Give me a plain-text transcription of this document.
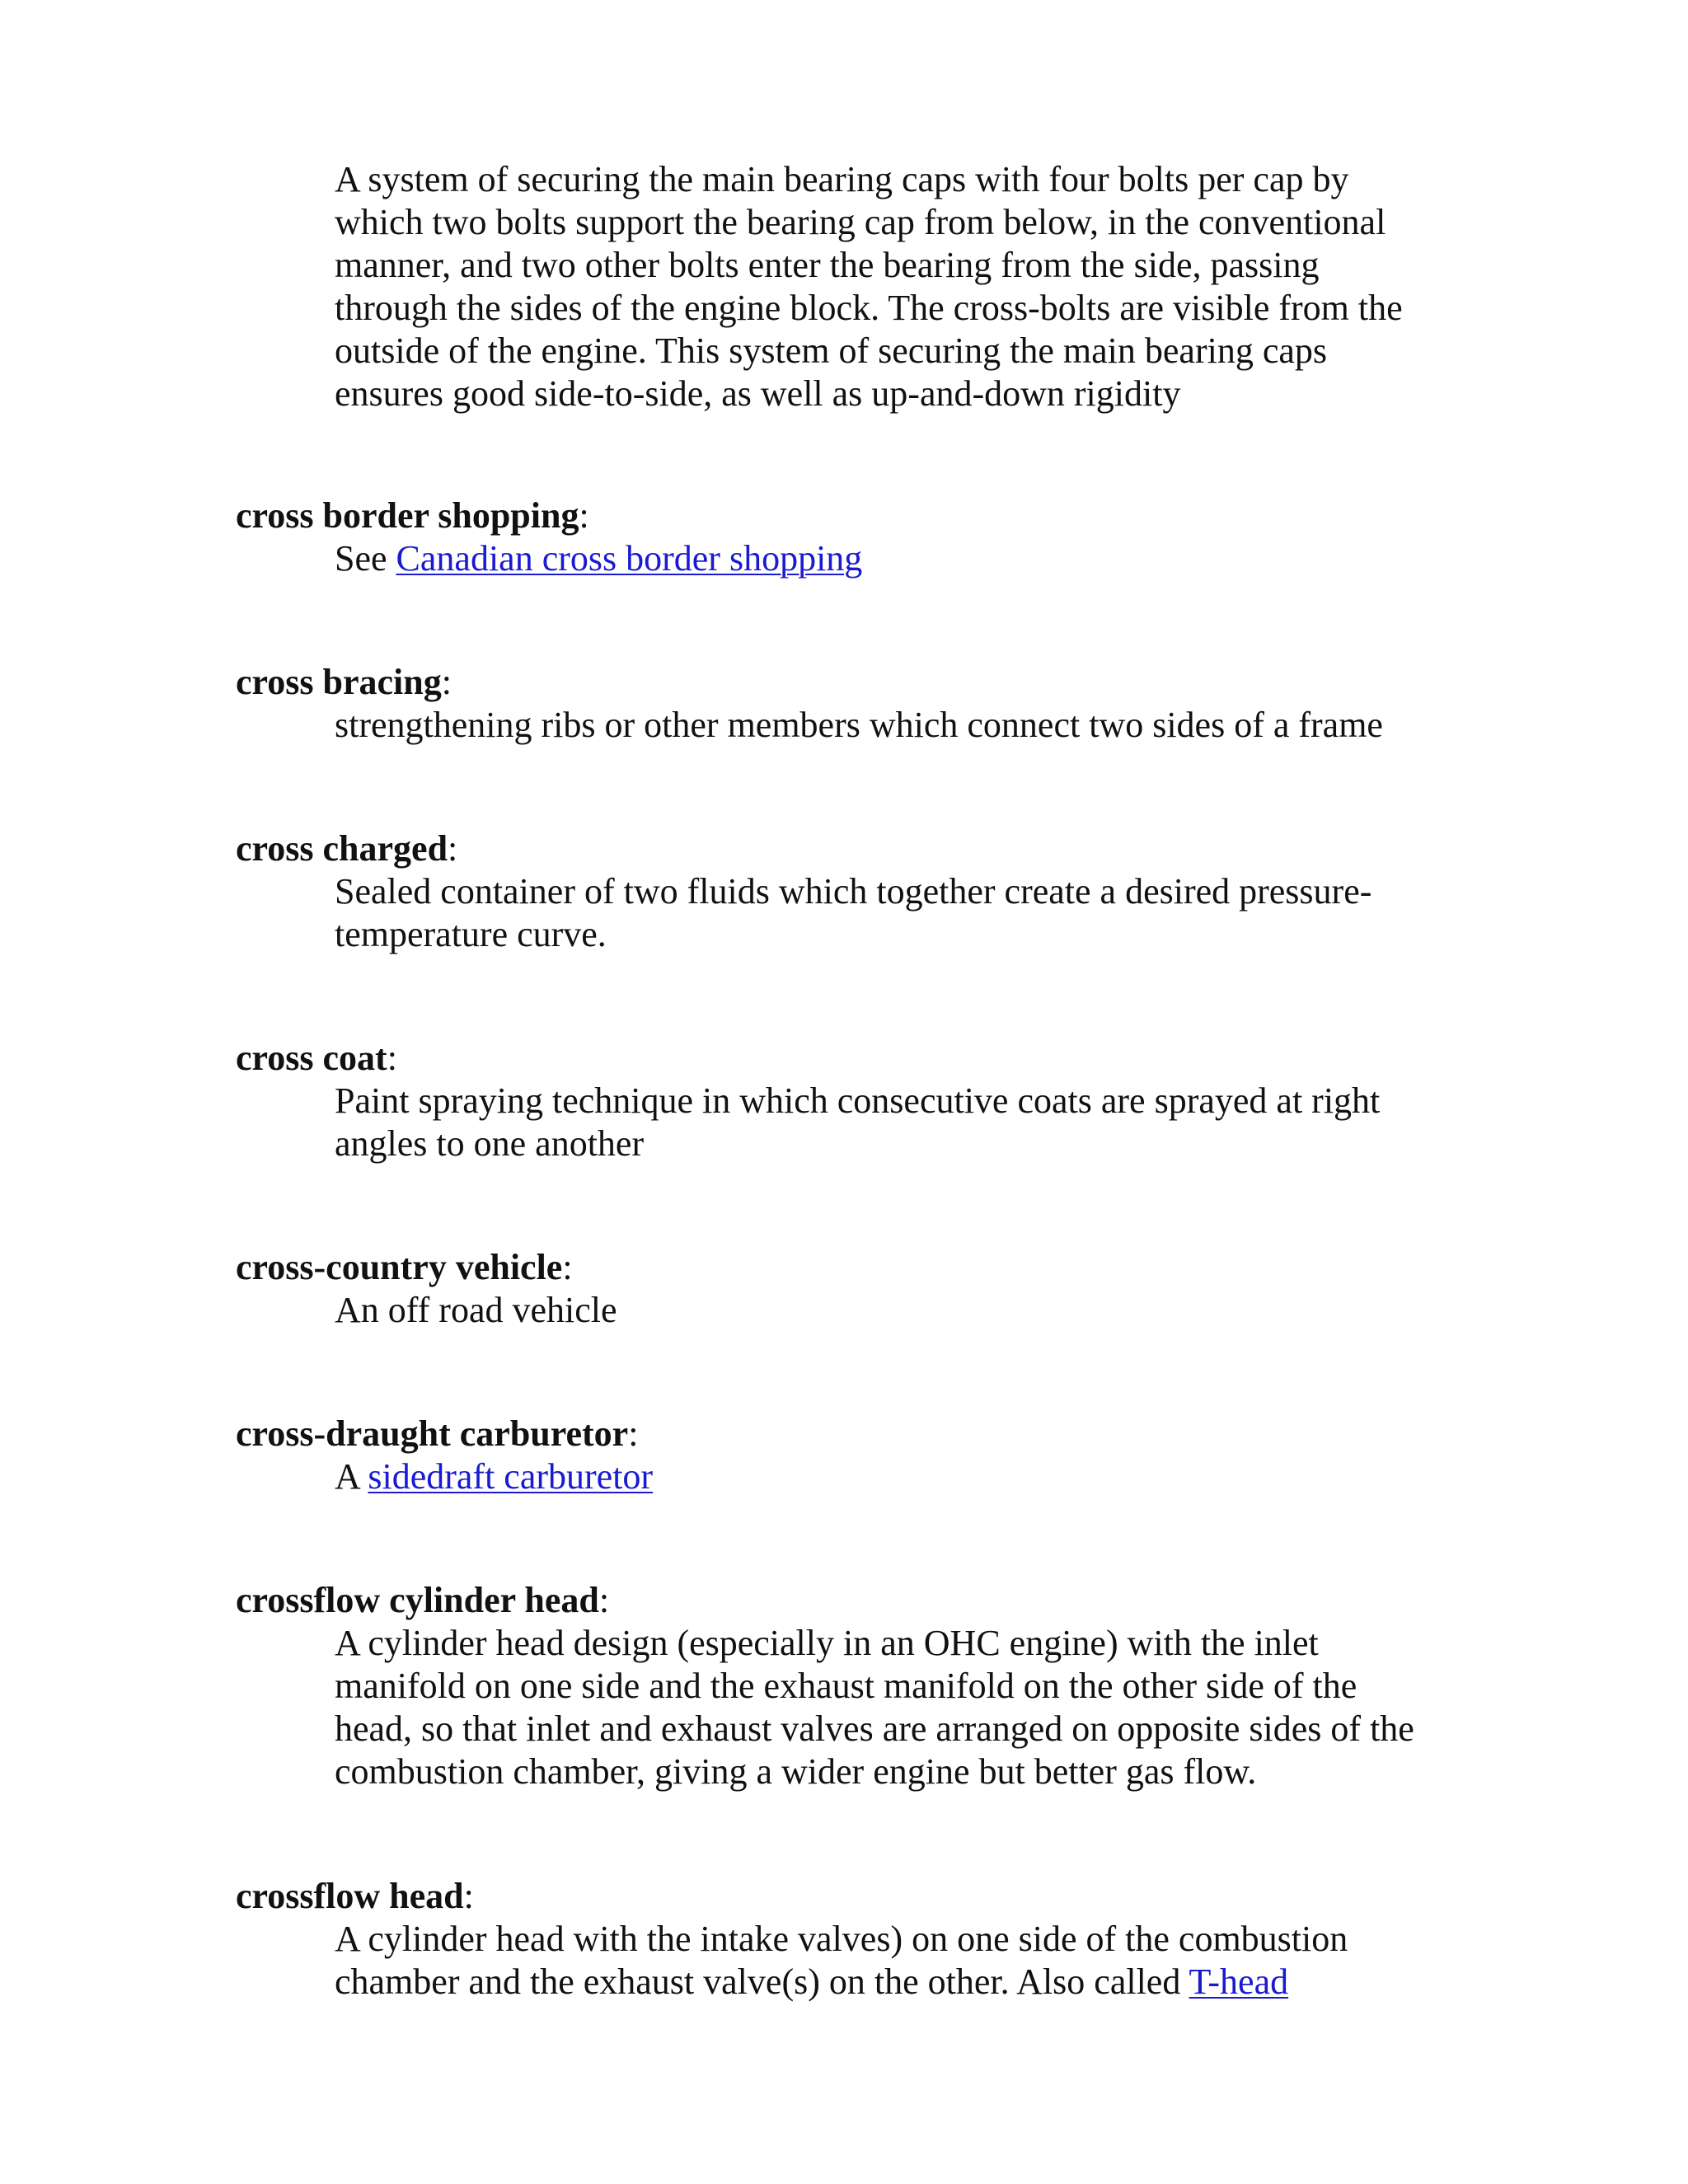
A system of securing the main bearing caps with four bolts per cap by
which two bolts support the bearing cap from below, in the conventional
manner, and two other bolts enter the bearing from the side, passing
through the sides of the engine block. The cross-bolts are visible from the
outside of the engine. This system of securing the main bearing caps
ensures good side-to-side, as well as up-and-down rigidity

cross border shopping:

See Canadian cross border shopping

cross bracing:

strengthening ribs or other members which connect two sides of a frame

cross charged:

Sealed container of two fluids which together create a desired pressure-
temperature curve.

cross coat:

Paint spraying technique in which consecutive coats are sprayed at right
angles to one another

cross-country vehicle:

An off road vehicle

cross-draught carburetor:

A sidedraft carburetor

crossflow cylinder head:

A cylinder head design (especially in an OHC engine) with the inlet
manifold on one side and the exhaust manifold on the other side of the
head, so that inlet and exhaust valves are arranged on opposite sides of the
combustion chamber, giving a wider engine but better gas flow.

crossflow head:

A cylinder head with the intake valves) on one side of the combustion
chamber and the exhaust valve(s) on the other. Also called T-head
